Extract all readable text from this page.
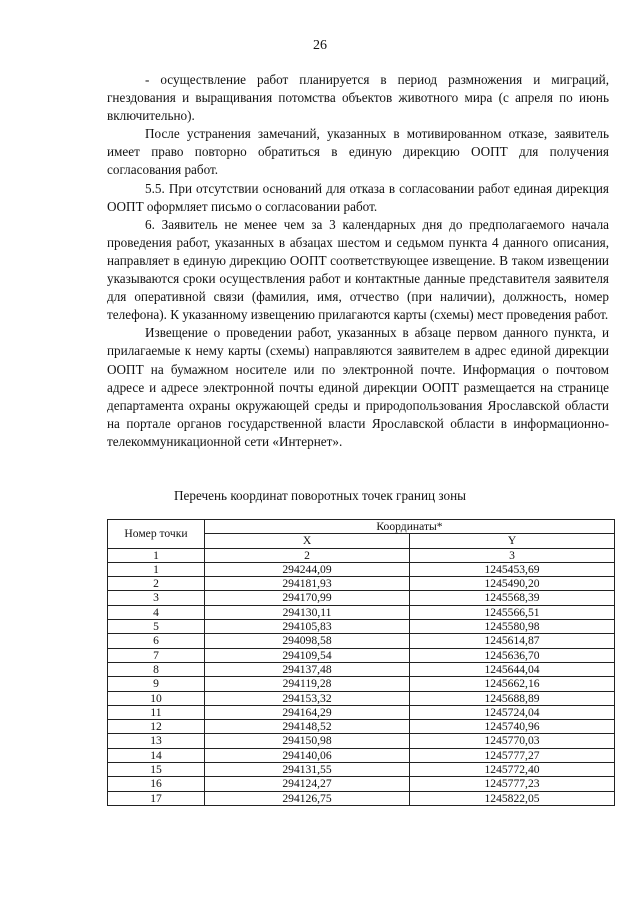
26

- осуществление работ планируется в период размножения и миграций, гнездования и выращивания потомства объектов животного мира (с апреля по июнь включительно).

После устранения замечаний, указанных в мотивированном отказе, заявитель имеет право повторно обратиться в единую дирекцию ООПТ для получения согласования работ.

5.5. При отсутствии оснований для отказа в согласовании работ единая дирекция ООПТ оформляет письмо о согласовании работ.

6. Заявитель не менее чем за 3 календарных дня до предполагаемого начала проведения работ, указанных в абзацах шестом и седьмом пункта 4 данного описания, направляет в единую дирекцию ООПТ соответствующее извещение. В таком извещении указываются сроки осуществления работ и контактные данные представителя заявителя для оперативной связи (фамилия, имя, отчество (при наличии), должность, номер телефона). К указанному извещению прилагаются карты (схемы) мест проведения работ.

Извещение о проведении работ, указанных в абзаце первом данного пункта, и прилагаемые к нему карты (схемы) направляются заявителем в адрес единой дирекции ООПТ на бумажном носителе или по электронной почте. Информация о почтовом адресе и адресе электронной почты единой дирекции ООПТ размещается на странице департамента охраны окружающей среды и природопользования Ярославской области на портале органов государственной власти Ярославской области в информационно-телекоммуникационной сети «Интернет».

Перечень координат поворотных точек границ зоны
Номер точки	Координаты*	
	X	Y
1	2	3
1	294244,09	1245453,69
2	294181,93	1245490,20
3	294170,99	1245568,39
4	294130,11	1245566,51
5	294105,83	1245580,98
6	294098,58	1245614,87
7	294109,54	1245636,70
8	294137,48	1245644,04
9	294119,28	1245662,16
10	294153,32	1245688,89
11	294164,29	1245724,04
12	294148,52	1245740,96
13	294150,98	1245770,03
14	294140,06	1245777,27
15	294131,55	1245772,40
16	294124,27	1245777,23
17	294126,75	1245822,05
